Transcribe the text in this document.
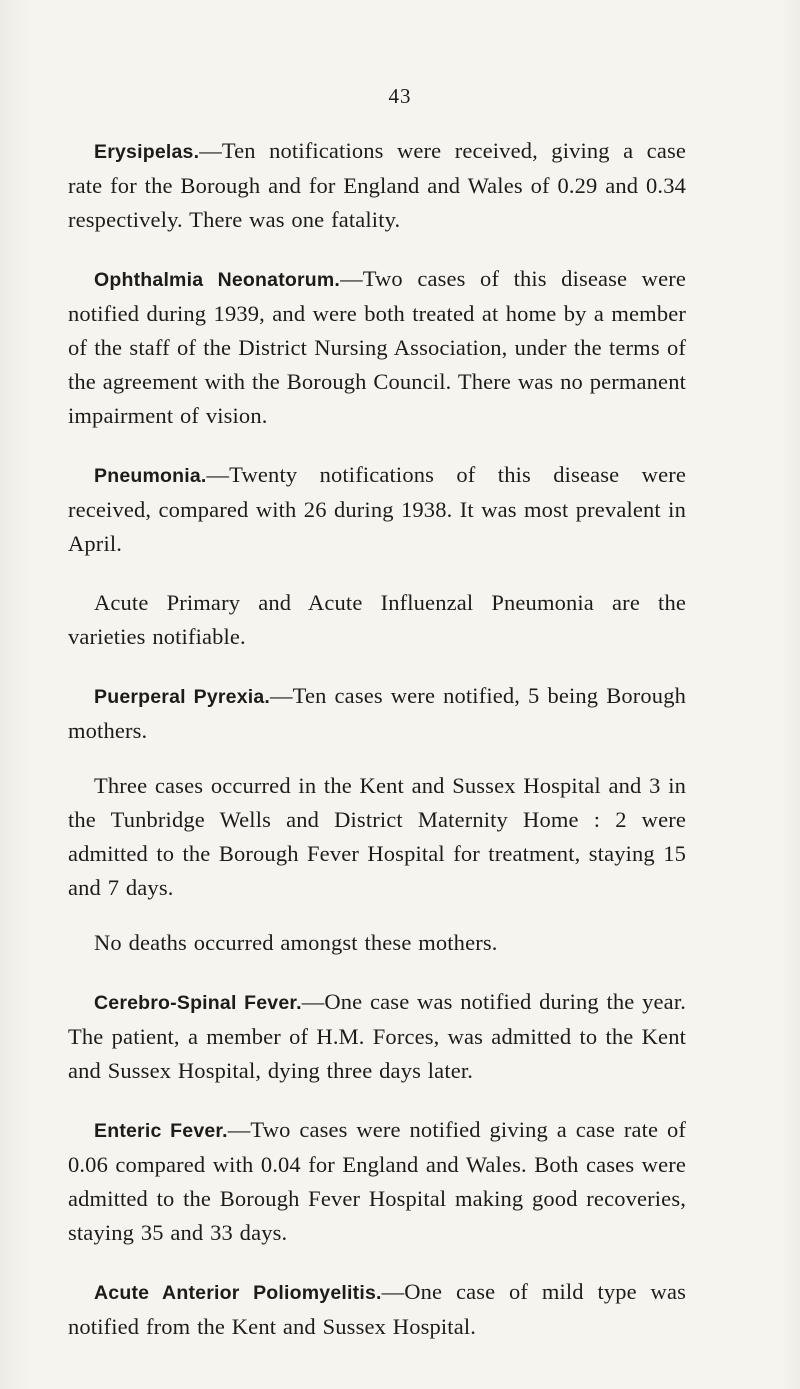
43

Erysipelas.—Ten notifications were received, giving a case rate for the Borough and for England and Wales of 0.29 and 0.34 respectively. There was one fatality.

Ophthalmia Neonatorum.—Two cases of this disease were notified during 1939, and were both treated at home by a member of the staff of the District Nursing Association, under the terms of the agreement with the Borough Council. There was no permanent impairment of vision.

Pneumonia.—Twenty notifications of this disease were received, compared with 26 during 1938. It was most prevalent in April.

Acute Primary and Acute Influenzal Pneumonia are the varieties notifiable.

Puerperal Pyrexia.—Ten cases were notified, 5 being Borough mothers.

Three cases occurred in the Kent and Sussex Hospital and 3 in the Tunbridge Wells and District Maternity Home : 2 were admitted to the Borough Fever Hospital for treatment, staying 15 and 7 days.

No deaths occurred amongst these mothers.

Cerebro-Spinal Fever.—One case was notified during the year. The patient, a member of H.M. Forces, was admitted to the Kent and Sussex Hospital, dying three days later.

Enteric Fever.—Two cases were notified giving a case rate of 0.06 compared with 0.04 for England and Wales. Both cases were admitted to the Borough Fever Hospital making good recoveries, staying 35 and 33 days.

Acute Anterior Poliomyelitis.—One case of mild type was notified from the Kent and Sussex Hospital.
